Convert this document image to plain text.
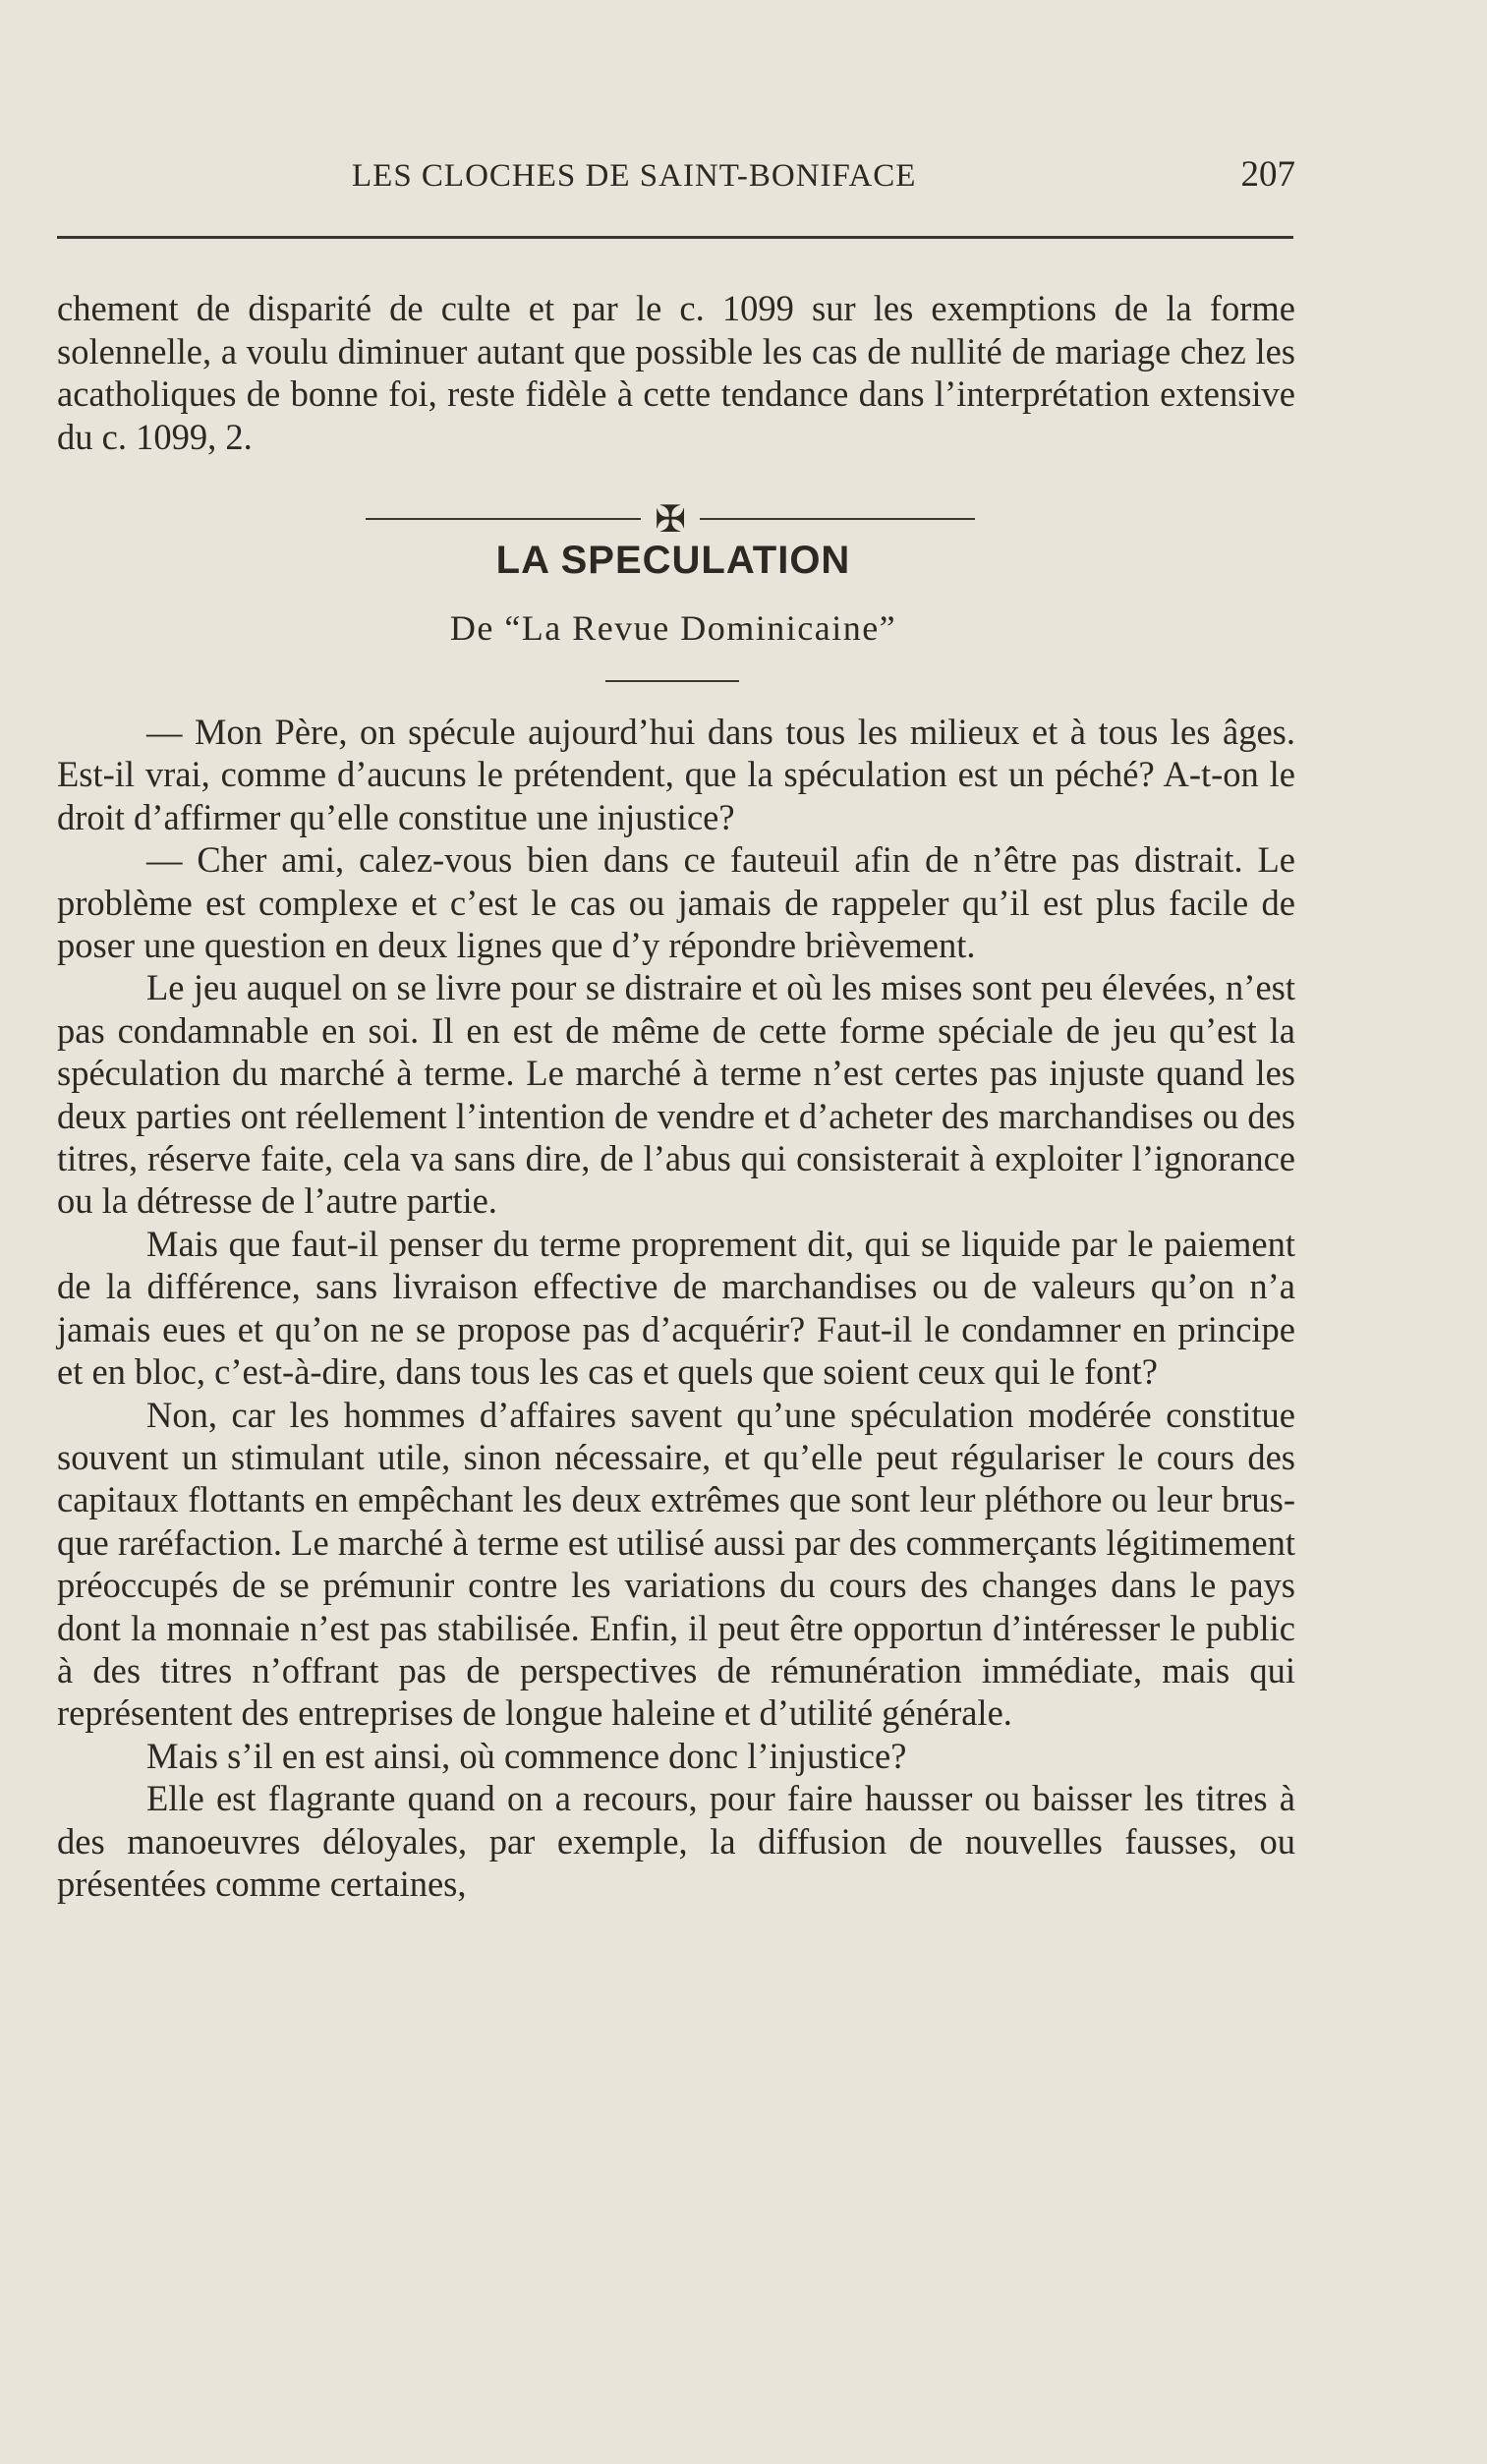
LES CLOCHES DE SAINT-BONIFACE	207

chement de disparité de culte et par le c. 1099 sur les exemptions de la forme solennelle, a voulu diminuer autant que possible les cas de nullité de mariage chez les acatholiques de bonne foi, reste fidèle à cette tendance dans l’interprétation extensive du c. 1099, 2.

✠
LA SPECULATION
De “La Revue Dominicaine”

— Mon Père, on spécule aujourd’hui dans tous les milieux et à tous les âges. Est-il vrai, comme d’aucuns le prétendent, que la spéculation est un péché? A-t-on le droit d’affirmer qu’elle constitue une injustice?

— Cher ami, calez-vous bien dans ce fauteuil afin de n’être pas distrait. Le problème est complexe et c’est le cas ou jamais de rappeler qu’il est plus facile de poser une question en deux lignes que d’y répondre brièvement.

Le jeu auquel on se livre pour se distraire et où les mises sont peu élevées, n’est pas condamnable en soi. Il en est de même de cette forme spéciale de jeu qu’est la spéculation du marché à terme. Le marché à terme n’est certes pas injuste quand les deux parties ont réellement l’intention de vendre et d’acheter des marchandises ou des titres, réserve faite, cela va sans dire, de l’abus qui consisterait à exploiter l’ignorance ou la détresse de l’autre partie.

Mais que faut-il penser du terme proprement dit, qui se liquide par le paiement de la différence, sans livraison effective de marchandises ou de valeurs qu’on n’a jamais eues et qu’on ne se propose pas d’acquérir? Faut-il le condamner en principe et en bloc, c’est-à-dire, dans tous les cas et quels que soient ceux qui le font?

Non, car les hommes d’affaires savent qu’une spéculation modérée constitue souvent un stimulant utile, sinon nécessaire, et qu’elle peut régulariser le cours des capitaux flottants en empêchant les deux extrêmes que sont leur pléthore ou leur brusque raréfaction. Le marché à terme est utilisé aussi par des commerçants légitimement préoccupés de se prémunir contre les variations du cours des changes dans le pays dont la monnaie n’est pas stabilisée. Enfin, il peut être opportun d’intéresser le public à des titres n’offrant pas de perspectives de rémunération immédiate, mais qui représentent des entreprises de longue haleine et d’utilité générale.

Mais s’il en est ainsi, où commence donc l’injustice?

Elle est flagrante quand on a recours, pour faire hausser ou baisser les titres à des manoeuvres déloyales, par exemple, la diffusion de nouvelles fausses, ou présentées comme certaines,
